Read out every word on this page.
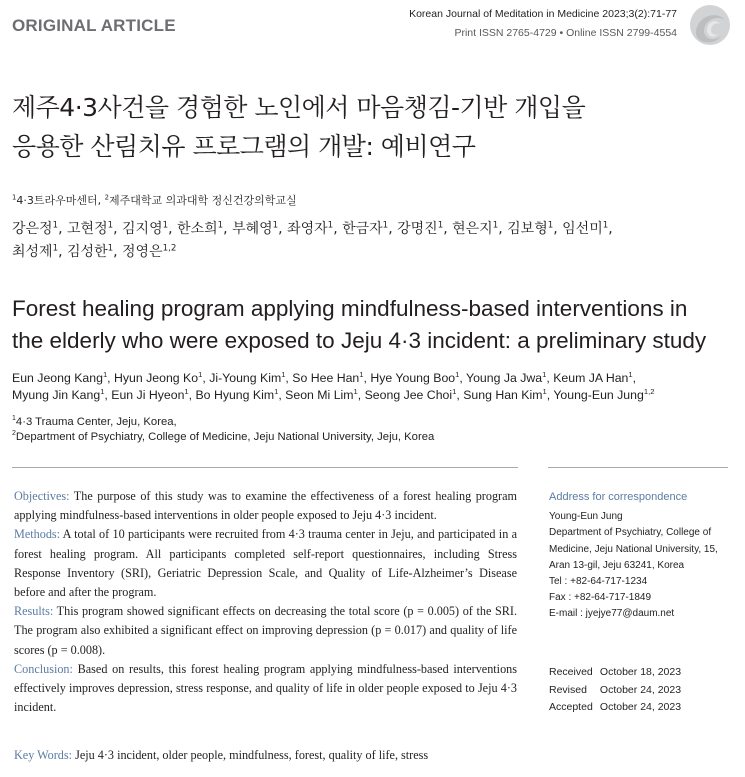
ORIGINAL ARTICLE
Korean Journal of Meditation in Medicine 2023;3(2):71-77
Print ISSN 2765-4729 • Online ISSN 2799-4554
제주4·3사건을 경험한 노인에서 마음챙김-기반 개입을
응용한 산림치유 프로그램의 개발: 예비연구
$^1$4·3트라우마센터, $^2$제주대학교 의과대학 정신건강의학교실
강은정$^1$, 고현정$^1$, 김지영$^1$, 한소희$^1$, 부혜영$^1$, 좌영자$^1$, 한금자$^1$, 강명진$^1$, 현은지$^1$, 김보형$^1$, 임선미$^1$,
최성제$^1$, 김성한$^1$, 정영은$^{1,2}$
Forest healing program applying mindfulness-based interventions in
the elderly who were exposed to Jeju 4·3 incident: a preliminary study
Eun Jeong Kang$^1$, Hyun Jeong Ko$^1$, Ji-Young Kim$^1$, So Hee Han$^1$, Hye Young Boo$^1$, Young Ja Jwa$^1$, Keum JA Han$^1$,
Myung Jin Kang$^1$, Eun Ji Hyeon$^1$, Bo Hyung Kim$^1$, Seon Mi Lim$^1$, Seong Jee Choi$^1$, Sung Han Kim$^1$, Young-Eun Jung$^{1,2}$
$^1$4·3 Trauma Center, Jeju, Korea,
$^2$Department of Psychiatry, College of Medicine, Jeju National University, Jeju, Korea

Objectives: The purpose of this study was to examine the effectiveness of a forest healing program applying mindfulness-based interventions in older people exposed to Jeju 4·3 incident.

Methods: A total of 10 participants were recruited from 4·3 trauma center in Jeju, and participated in a forest healing program. All participants completed self-report questionnaires, including Stress Response Inventory (SRI), Geriatric Depression Scale, and Quality of Life-Alzheimer’s Disease before and after the program.

Results: This program showed significant effects on decreasing the total score (p = 0.005) of the SRI. The program also exhibited a significant effect on improving depression (p = 0.017) and quality of life scores (p = 0.008).

Conclusion: Based on results, this forest healing program applying mindfulness-based interventions effectively improves depression, stress response, and quality of life in older people exposed to Jeju 4·3 incident.

Key Words: Jeju 4·3 incident, older people, mindfulness, forest, quality of life, stress
Address for correspondence
Young-Eun Jung
Department of Psychiatry, College of
Medicine, Jeju National University, 15,
Aran 13-gil, Jeju 63241, Korea
Tel : +82-64-717-1234
Fax : +82-64-717-1849
E-mail : jyejye77@daum.net
Received October 18, 2023
Revised October 24, 2023
Accepted October 24, 2023
